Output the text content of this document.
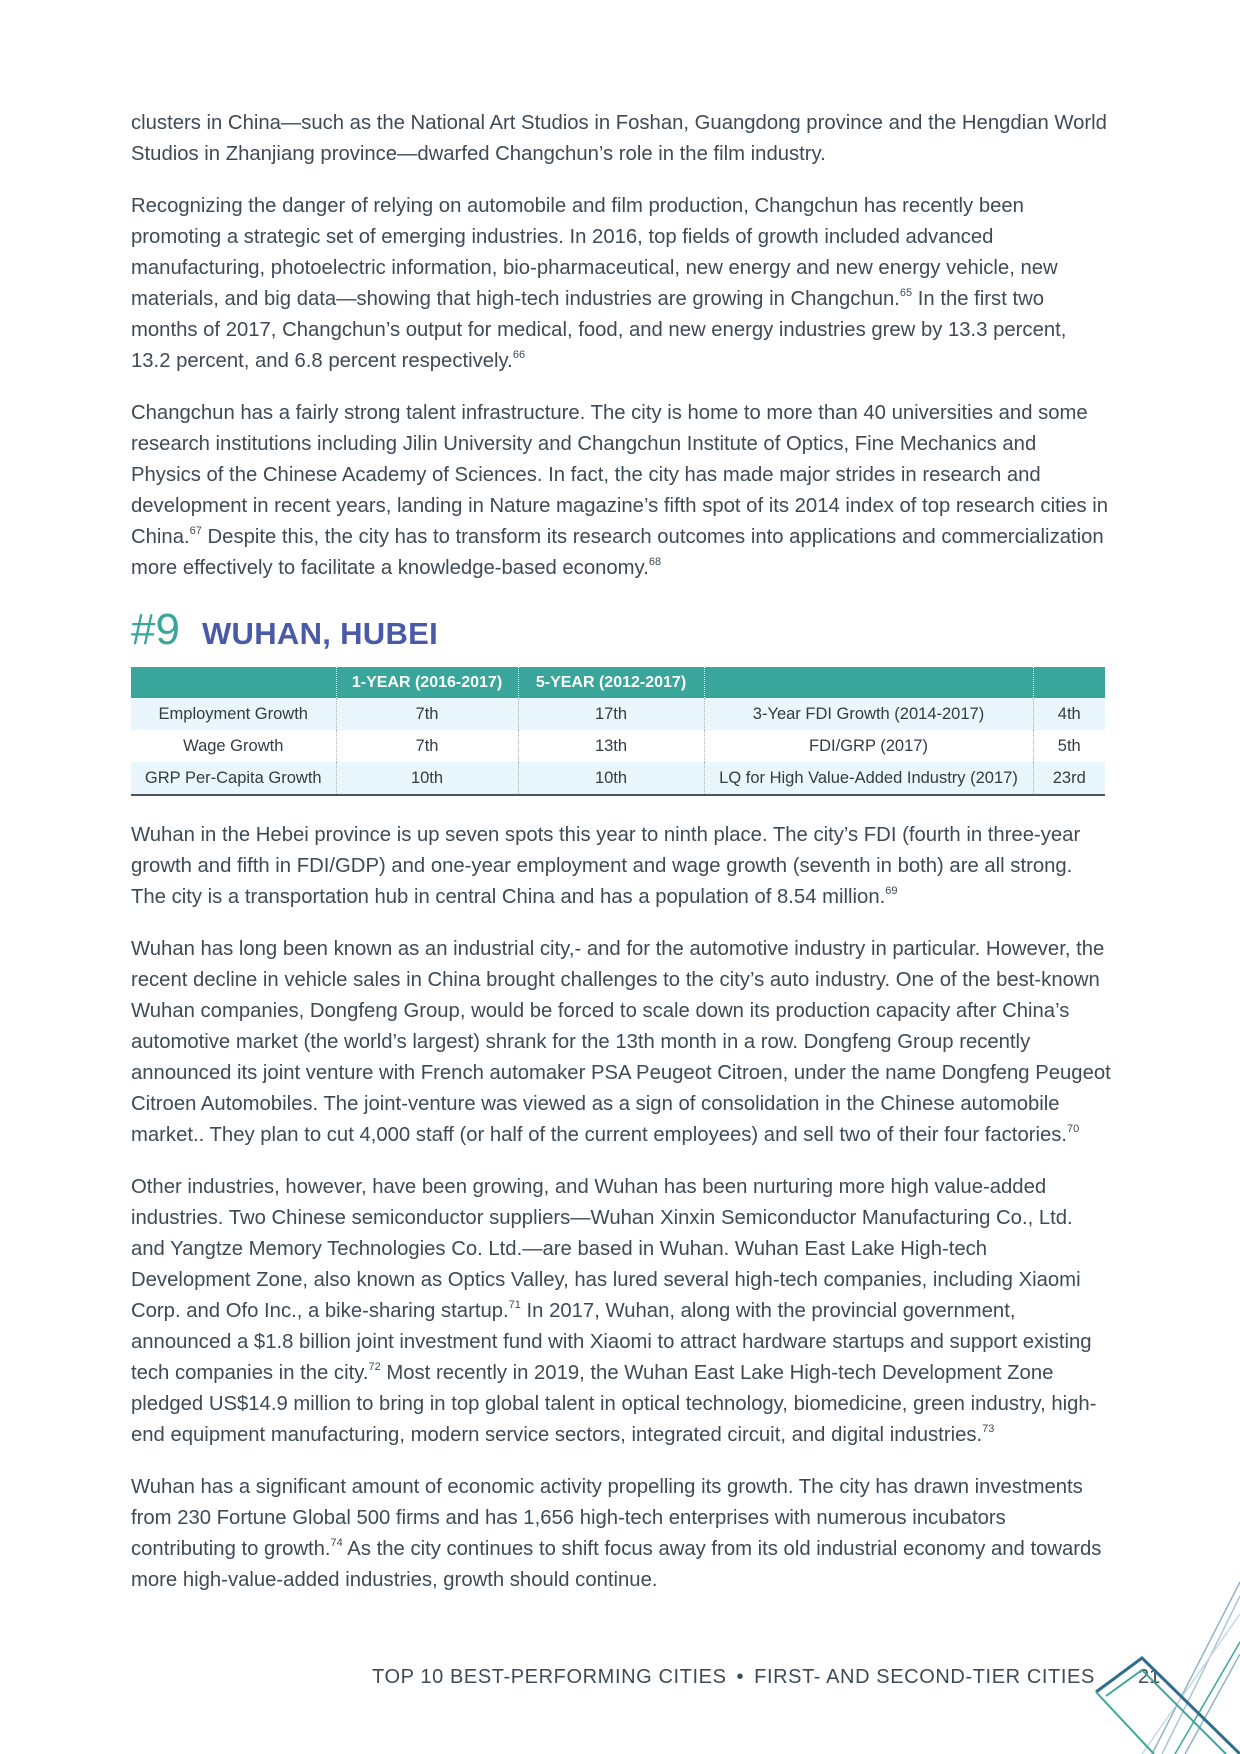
clusters in China—such as the National Art Studios in Foshan, Guangdong province and the Hengdian World Studios in Zhanjiang province—dwarfed Changchun’s role in the film industry.

Recognizing the danger of relying on automobile and film production, Changchun has recently been promoting a strategic set of emerging industries. In 2016, top fields of growth included advanced manufacturing, photoelectric information, bio-pharmaceutical, new energy and new energy vehicle, new materials, and big data—showing that high-tech industries are growing in Changchun.$^{65}$ In the first two months of 2017, Changchun’s output for medical, food, and new energy industries grew by 13.3 percent, 13.2 percent, and 6.8 percent respectively.$^{66}$

Changchun has a fairly strong talent infrastructure. The city is home to more than 40 universities and some research institutions including Jilin University and Changchun Institute of Optics, Fine Mechanics and Physics of the Chinese Academy of Sciences. In fact, the city has made major strides in research and development in recent years, landing in Nature magazine’s fifth spot of its 2014 index of top research cities in China.$^{67}$ Despite this, the city has to transform its research outcomes into applications and commercialization more effectively to facilitate a knowledge-based economy.$^{68}$

#9 WUHAN, HUBEI
	1-YEAR (2016-2017)	5-YEAR (2012-2017)		
Employment Growth	7th	17th	3-Year FDI Growth (2014-2017)	4th
Wage Growth	7th	13th	FDI/GRP (2017)	5th
GRP Per-Capita Growth	10th	10th	LQ for High Value-Added Industry (2017)	23rd

Wuhan in the Hebei province is up seven spots this year to ninth place. The city’s FDI (fourth in three-year growth and fifth in FDI/GDP) and one-year employment and wage growth (seventh in both) are all strong. The city is a transportation hub in central China and has a population of 8.54 million.$^{69}$

Wuhan has long been known as an industrial city,- and for the automotive industry in particular. However, the recent decline in vehicle sales in China brought challenges to the city’s auto industry. One of the best-known Wuhan companies, Dongfeng Group, would be forced to scale down its production capacity after China’s automotive market (the world’s largest) shrank for the 13th month in a row. Dongfeng Group recently announced its joint venture with French automaker PSA Peugeot Citroen, under the name Dongfeng Peugeot Citroen Automobiles. The joint-venture was viewed as a sign of consolidation in the Chinese automobile market.. They plan to cut 4,000 staff (or half of the current employees) and sell two of their four factories.$^{70}$

Other industries, however, have been growing, and Wuhan has been nurturing more high value-added industries. Two Chinese semiconductor suppliers—Wuhan Xinxin Semiconductor Manufacturing Co., Ltd. and Yangtze Memory Technologies Co. Ltd.—are based in Wuhan. Wuhan East Lake High-tech Development Zone, also known as Optics Valley, has lured several high-tech companies, including Xiaomi Corp. and Ofo Inc., a bike-sharing startup.$^{71}$ In 2017, Wuhan, along with the provincial government, announced a $1.8 billion joint investment fund with Xiaomi to attract hardware startups and support existing tech companies in the city.$^{72}$ Most recently in 2019, the Wuhan East Lake High-tech Development Zone pledged US$14.9 million to bring in top global talent in optical technology, biomedicine, green industry, high-end equipment manufacturing, modern service sectors, integrated circuit, and digital industries.$^{73}$

Wuhan has a significant amount of economic activity propelling its growth. The city has drawn investments from 230 Fortune Global 500 firms and has 1,656 high-tech enterprises with numerous incubators contributing to growth.$^{74}$ As the city continues to shift focus away from its old industrial economy and towards more high-value-added industries, growth should continue.

TOP 10 BEST-PERFORMING CITIES • FIRST- AND SECOND-TIER CITIES 21
